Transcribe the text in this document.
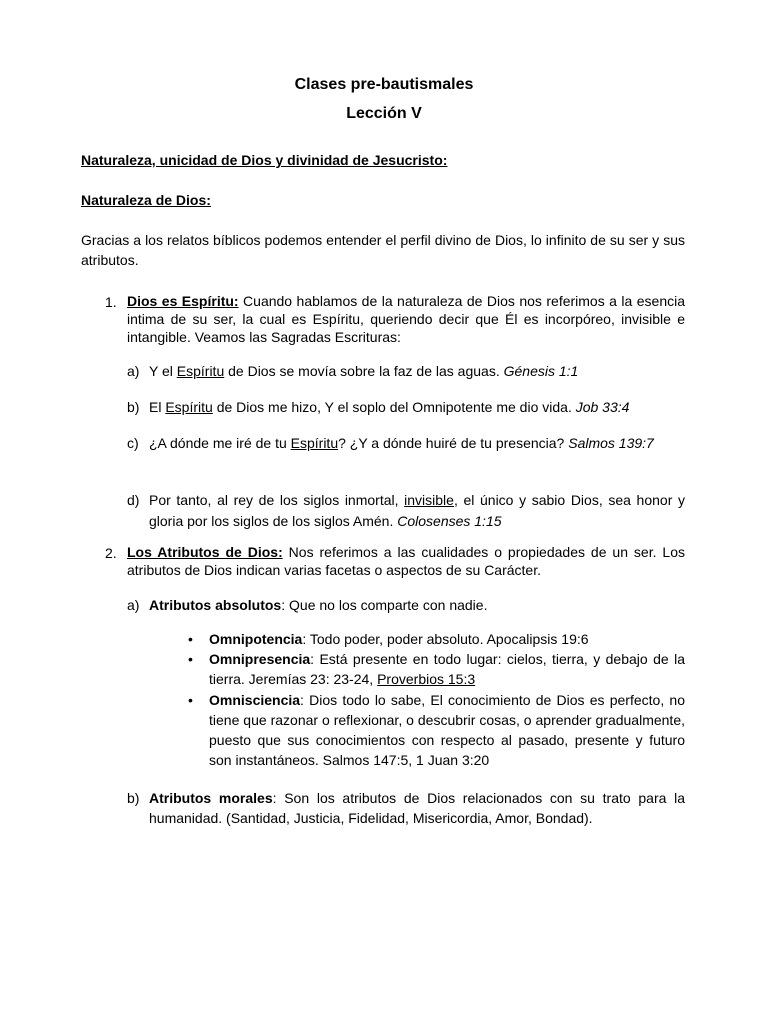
Clases pre-bautismales
Lección V
Naturaleza, unicidad de Dios y divinidad de Jesucristo:
Naturaleza de Dios:
Gracias a los relatos bíblicos podemos entender el perfil divino de Dios, lo infinito de su ser y sus atributos.
1. Dios es Espíritu: Cuando hablamos de la naturaleza de Dios nos referimos a la esencia intima de su ser, la cual es Espíritu, queriendo decir que Él es incorpóreo, invisible e intangible. Veamos las Sagradas Escrituras:
a) Y el Espíritu de Dios se movía sobre la faz de las aguas. Génesis 1:1
b) El Espíritu de Dios me hizo, Y el soplo del Omnipotente me dio vida. Job 33:4
c) ¿A dónde me iré de tu Espíritu? ¿Y a dónde huiré de tu presencia? Salmos 139:7
d) Por tanto, al rey de los siglos inmortal, invisible, el único y sabio Dios, sea honor y gloria por los siglos de los siglos Amén. Colosenses 1:15
2. Los Atributos de Dios: Nos referimos a las cualidades o propiedades de un ser. Los atributos de Dios indican varias facetas o aspectos de su Carácter.
a) Atributos absolutos: Que no los comparte con nadie.
• Omnipotencia: Todo poder, poder absoluto. Apocalipsis 19:6
• Omnipresencia: Está presente en todo lugar: cielos, tierra, y debajo de la tierra. Jeremías 23: 23-24, Proverbios 15:3
• Omnisciencia: Dios todo lo sabe, El conocimiento de Dios es perfecto, no tiene que razonar o reflexionar, o descubrir cosas, o aprender gradualmente, puesto que sus conocimientos con respecto al pasado, presente y futuro son instantáneos. Salmos 147:5, 1 Juan 3:20
b) Atributos morales: Son los atributos de Dios relacionados con su trato para la humanidad. (Santidad, Justicia, Fidelidad, Misericordia, Amor, Bondad).
